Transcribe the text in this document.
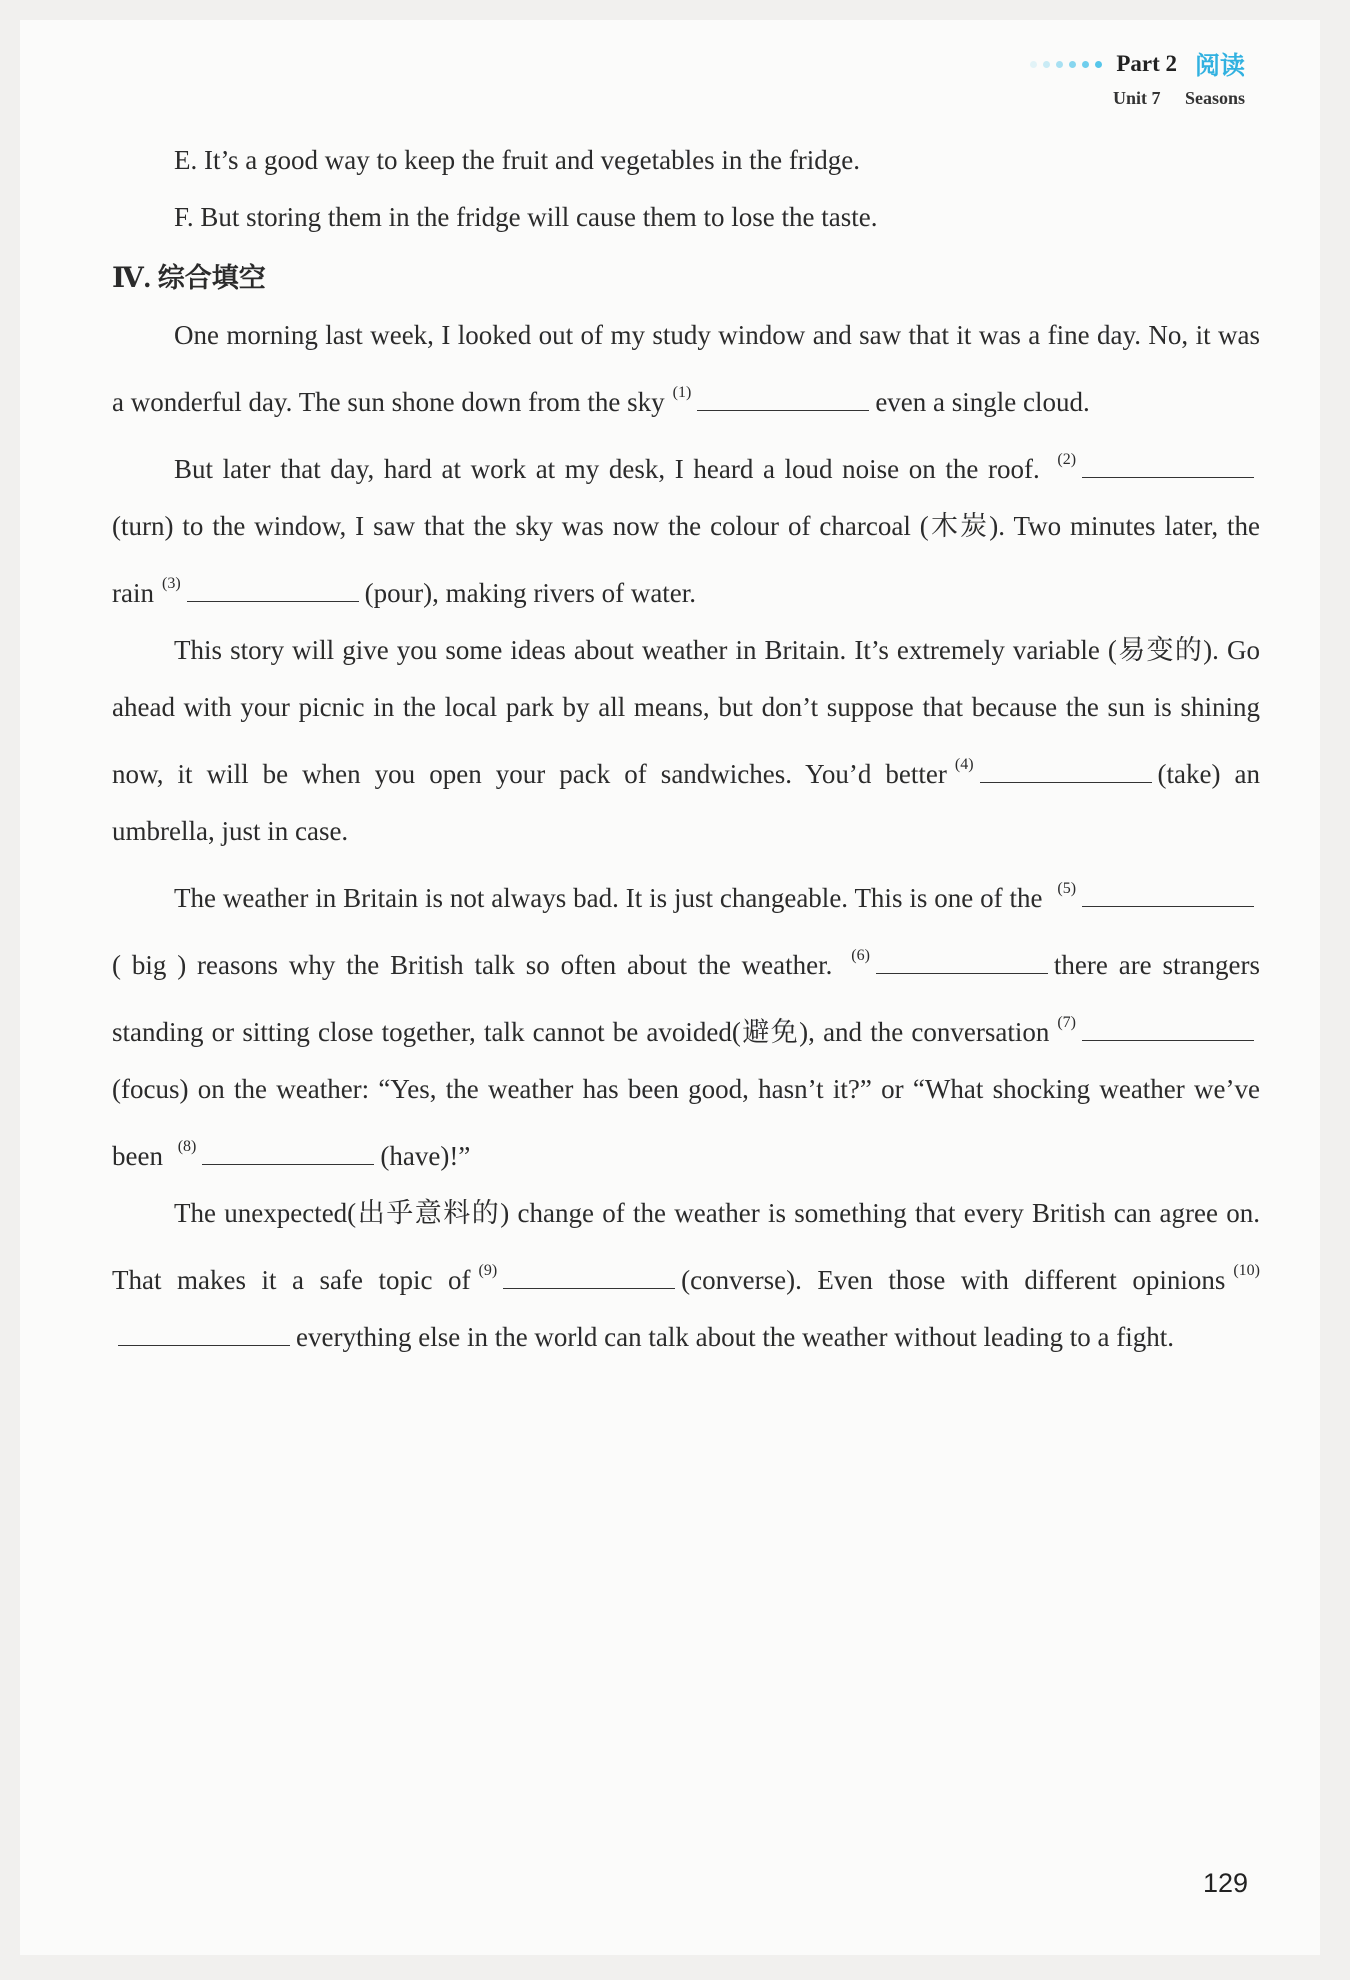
Part 2 阅读
Unit 7 Seasons
E. It’s a good way to keep the fruit and vegetables in the fridge.
F. But storing them in the fridge will cause them to lose the taste.
Ⅳ. 综合填空

One morning last week, I looked out of my study window and saw that it was a fine day. No, it was a wonderful day. The sun shone down from the sky $^{(1)}$	even a single cloud.

But later that day, hard at work at my desk, I heard a loud noise on the roof. $^{(2)}$(turn) to the window, I saw that the sky was now the colour of charcoal (木炭). Two minutes later, the rain $^{(3)}$	(pour), making rivers of water.

This story will give you some ideas about weather in Britain. It’s extremely variable (易变的). Go ahead with your picnic in the local park by all means, but don’t suppose that because the sun is shining now, it will be when you open your pack of sandwiches. You’d better $^{(4)}$	(take) an umbrella, just in case.

The weather in Britain is not always bad. It is just changeable. This is one of the $^{(5)}$( big ) reasons why the British talk so often about the weather. $^{(6)}$	there are strangers standing or sitting close together, talk cannot be avoided(避免), and the conversation $^{(7)}$(focus) on the weather: “Yes, the weather has been good, hasn’t it?” or “What shocking weather we’ve been $^{(8)}$	(have)!”

The unexpected(出乎意料的) change of the weather is something that every British can agree on. That makes it a safe topic of $^{(9)}$	(converse). Even those with different opinions $^{(10)}$everything else in the world can talk about the weather without leading to a fight.

129
